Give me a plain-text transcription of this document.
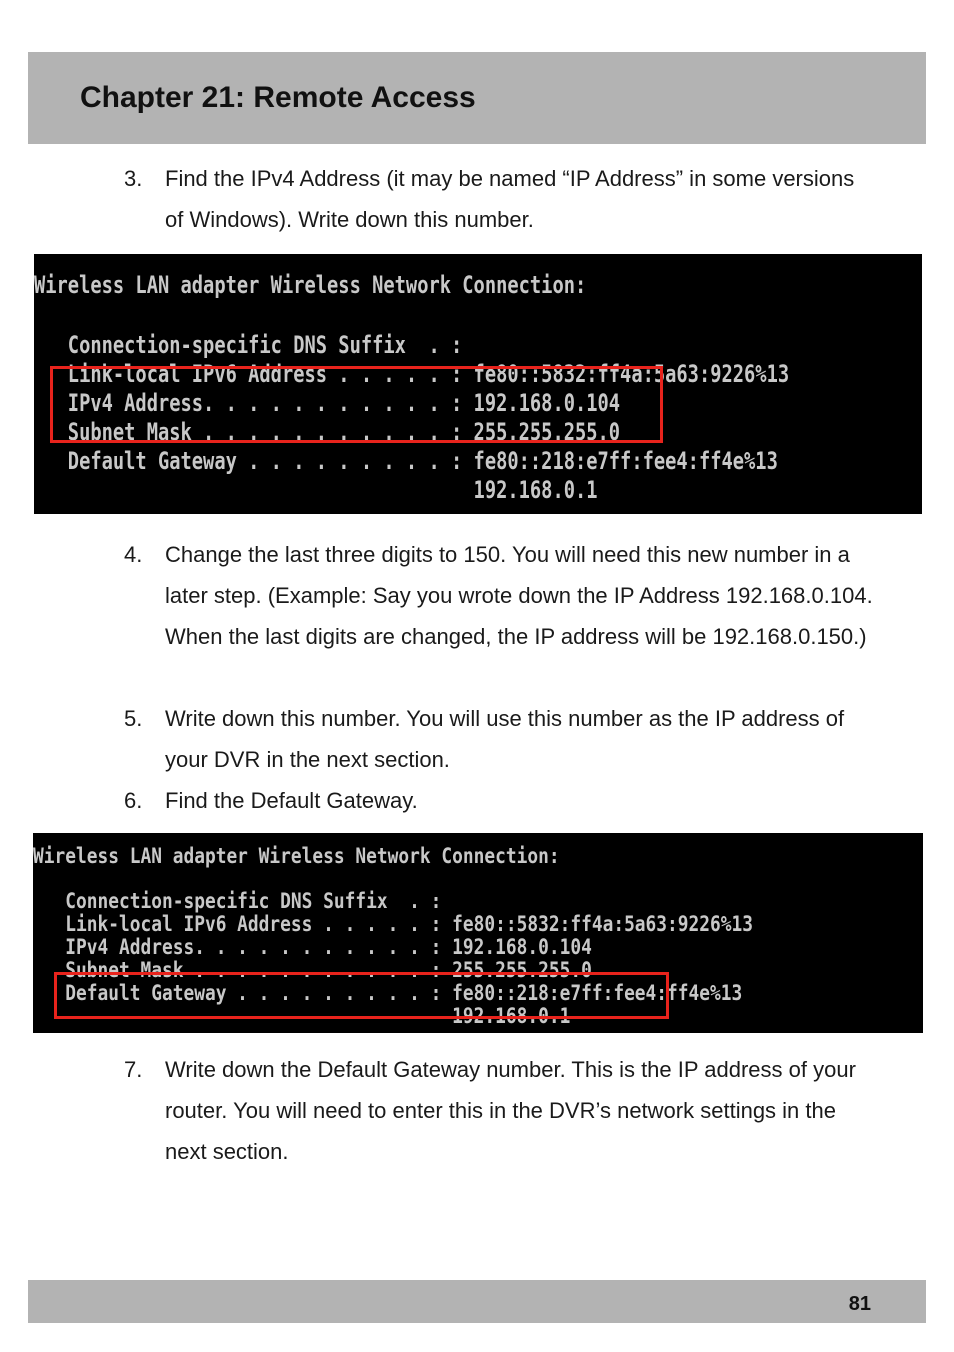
Chapter 21: Remote Access
3.	Find the IPv4 Address (it may be named “IP Address” in some versions of Windows). Write down this number.
Wireless LAN adapter Wireless Network Connection:
Connection-specific DNS Suffix  . :
Link-local IPv6 Address . . . . . : fe80::5832:ff4a:5a63:9226%13
IPv4 Address. . . . . . . . . . . : 192.168.0.104
Subnet Mask . . . . . . . . . . . : 255.255.255.0
Default Gateway . . . . . . . . . : fe80::218:e7ff:fee4:ff4e%13
192.168.0.1
4.	Change the last three digits to 150. You will need this new number in a later step. (Example: Say you wrote down the IP Address 192.168.0.104. When the last digits are changed, the IP address will be 192.168.0.150.)
5.	Write down this number. You will use this number as the IP address of your DVR in the next section.
6.	Find the Default Gateway.
Wireless LAN adapter Wireless Network Connection:
Connection-specific DNS Suffix  . :
Link-local IPv6 Address . . . . . : fe80::5832:ff4a:5a63:9226%13
IPv4 Address. . . . . . . . . . . : 192.168.0.104
Subnet Mask . . . . . . . . . . . : 255.255.255.0
Default Gateway . . . . . . . . . : fe80::218:e7ff:fee4:ff4e%13
192.168.0.1
7.	Write down the Default Gateway number. This is the IP address of your router. You will need to enter this in the DVR’s network settings in the next section.
81
